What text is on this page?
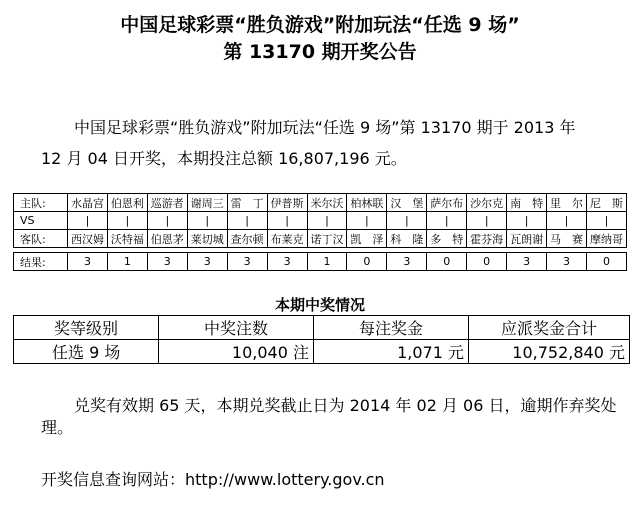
中国足球彩票“胜负游戏”附加玩法“任选 9 场”
第 13170 期开奖公告
中国足球彩票“胜负游戏”附加玩法“任选 9 场”第 13170 期于 2013 年
12 月 04 日开奖，本期投注总额 16,807,196 元。
主队:	水晶宫	伯恩利	巡游者	谢周三	雷　丁	伊普斯	米尔沃	柏林联	汉　堡	萨尔布	沙尔克	南　特	里　尔	尼　斯
VS	|	|	|	|	|	|	|	|	|	|	|	|	|	|
客队:	西汉姆	沃特福	伯恩茅	莱切城	查尔顿	布莱克	诺丁汉	凯　泽	科　隆	多　特	霍芬海	瓦朗谢	马　赛	摩纳哥

结果:	3	1	3	3	3	3	1	0	3	0	0	3	3	0
本期中奖情况
奖等级别	中奖注数	每注奖金	应派奖金合计
任选 9 场	10,040 注	1,071 元	10,752,840 元
兑奖有效期 65 天，本期兑奖截止日为 2014 年 02 月 06 日，逾期作弃奖处
理。
开奖信息查询网站：http://www.lottery.gov.cn
